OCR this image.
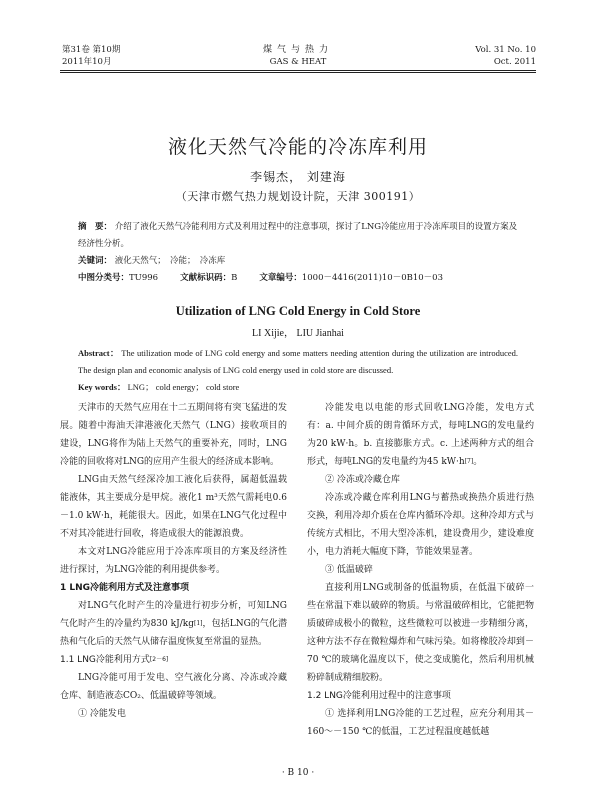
第31卷 第10期
2011年10月
煤气与热力
GAS & HEAT
Vol. 31 No. 10
Oct. 2011
液化天然气冷能的冷冻库利用
李锡杰， 刘建海
（天津市燃气热力规划设计院，天津 300191）
摘　要： 介绍了液化天然气冷能利用方式及利用过程中的注意事项，探讨了LNG冷能应用于冷冻库项目的设置方案及经济性分析。
关键词： 液化天然气；　冷能；　冷冻库
中图分类号：TU996	文献标识码：B	文章编号：1000－4416(2011)10－0B10－03
Utilization of LNG Cold Energy in Cold Store
LI Xijie， LIU Jianhai
Abstract： The utilization mode of LNG cold energy and some matters needing attention during the utilization are introduced. The design plan and economic analysis of LNG cold energy used in cold store are discussed.
Key words： LNG； cold energy； cold store

天津市的天然气应用在十二五期间将有突飞猛进的发展。随着中海油天津港液化天然气（LNG）接收项目的建设，LNG将作为陆上天然气的重要补充，同时，LNG冷能的回收将对LNG的应用产生很大的经济成本影响。

LNG由天然气经深冷加工液化后获得，属超低温载能液体，其主要成分是甲烷。液化1 m³天然气需耗电0.6－1.0 kW·h，耗能很大。因此，如果在LNG气化过程中不对其冷能进行回收，将造成很大的能源浪费。

本文对LNG冷能应用于冷冻库项目的方案及经济性进行探讨，为LNG冷能的利用提供参考。

1 LNG冷能利用方式及注意事项

对LNG气化时产生的冷量进行初步分析，可知LNG气化时产生的冷量约为830 kJ/kg[1]，包括LNG的气化潜热和气化后的天然气从储存温度恢复至常温的显热。

1.1 LNG冷能利用方式[2－6]

LNG冷能可用于发电、空气液化分离、冷冻或冷藏仓库、制造液态CO₂、低温破碎等领域。

① 冷能发电

冷能发电以电能的形式回收LNG冷能，发电方式有：a. 中间介质的朗肯循环方式，每吨LNG的发电量约为20 kW·h。b. 直接膨胀方式。c. 上述两种方式的组合形式，每吨LNG的发电量约为45 kW·h[7]。

② 冷冻或冷藏仓库

冷冻或冷藏仓库利用LNG与蓄热或换热介质进行热交换，利用冷却介质在仓库内循环冷却。这种冷却方式与传统方式相比，不用大型冷冻机，建设费用少，建设难度小，电力消耗大幅度下降，节能效果显著。

③ 低温破碎

直接利用LNG或制备的低温物质，在低温下破碎一些在常温下难以破碎的物质。与常温破碎相比，它能把物质破碎成极小的微粒，这些微粒可以被进一步精细分离，这种方法不存在微粒爆炸和气味污染。如将橡胶冷却到－70 ℃的玻璃化温度以下，使之变成脆化，然后利用机械粉碎制成精细胶粉。

1.2 LNG冷能利用过程中的注意事项

① 选择利用LNG冷能的工艺过程，应充分利用其－160～－150 ℃的低温，工艺过程温度越低越

· B 10 ·
